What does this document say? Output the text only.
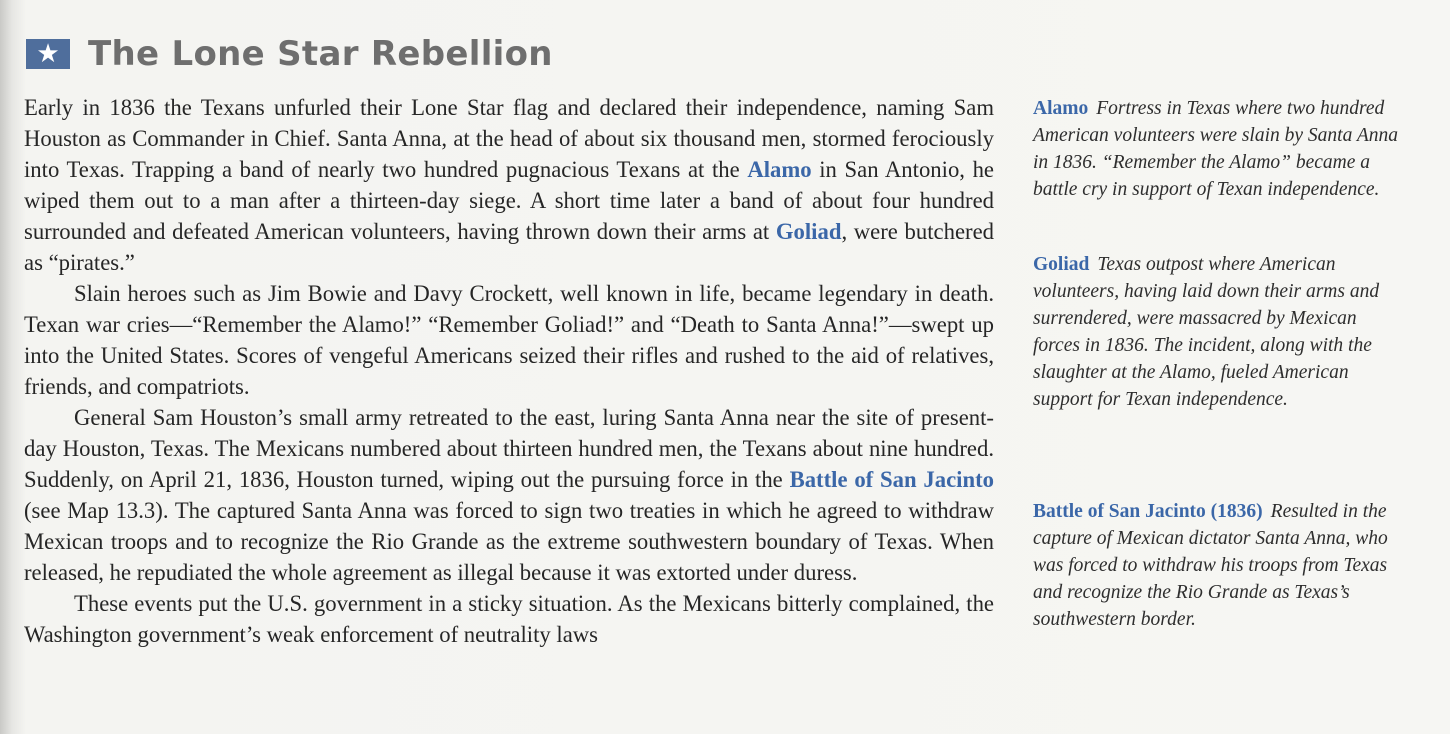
★ The Lone Star Rebellion

Early in 1836 the Texans unfurled their Lone Star flag and declared their independence, naming Sam Houston as Commander in Chief. Santa Anna, at the head of about six thousand men, stormed ferociously into Texas. Trapping a band of nearly two hundred pugnacious Texans at the Alamo in San Antonio, he wiped them out to a man after a thirteen-day siege. A short time later a band of about four hundred surrounded and defeated American volunteers, having thrown down their arms at Goliad, were butchered as “pirates.”

Slain heroes such as Jim Bowie and Davy Crockett, well known in life, became legendary in death. Texan war cries—“Remember the Alamo!” “Remember Goliad!” and “Death to Santa Anna!”—swept up into the United States. Scores of vengeful Americans seized their rifles and rushed to the aid of relatives, friends, and compatriots.

General Sam Houston’s small army retreated to the east, luring Santa Anna near the site of present-day Houston, Texas. The Mexicans numbered about thirteen hundred men, the Texans about nine hundred. Suddenly, on April 21, 1836, Houston turned, wiping out the pursuing force in the Battle of San Jacinto (see Map 13.3). The captured Santa Anna was forced to sign two treaties in which he agreed to withdraw Mexican troops and to recognize the Rio Grande as the extreme southwestern boundary of Texas. When released, he repudiated the whole agreement as illegal because it was extorted under duress.

These events put the U.S. government in a sticky situation. As the Mexicans bitterly complained, the Washington government’s weak enforcement of neutrality laws

Alamo Fortress in Texas where two hundred American volunteers were slain by Santa Anna in 1836. “Remember the Alamo” became a battle cry in support of Texan independence.
Goliad Texas outpost where American volunteers, having laid down their arms and surrendered, were massacred by Mexican forces in 1836. The incident, along with the slaughter at the Alamo, fueled American support for Texan independence.
Battle of San Jacinto (1836) Resulted in the capture of Mexican dictator Santa Anna, who was forced to withdraw his troops from Texas and recognize the Rio Grande as Texas’s southwestern border.
